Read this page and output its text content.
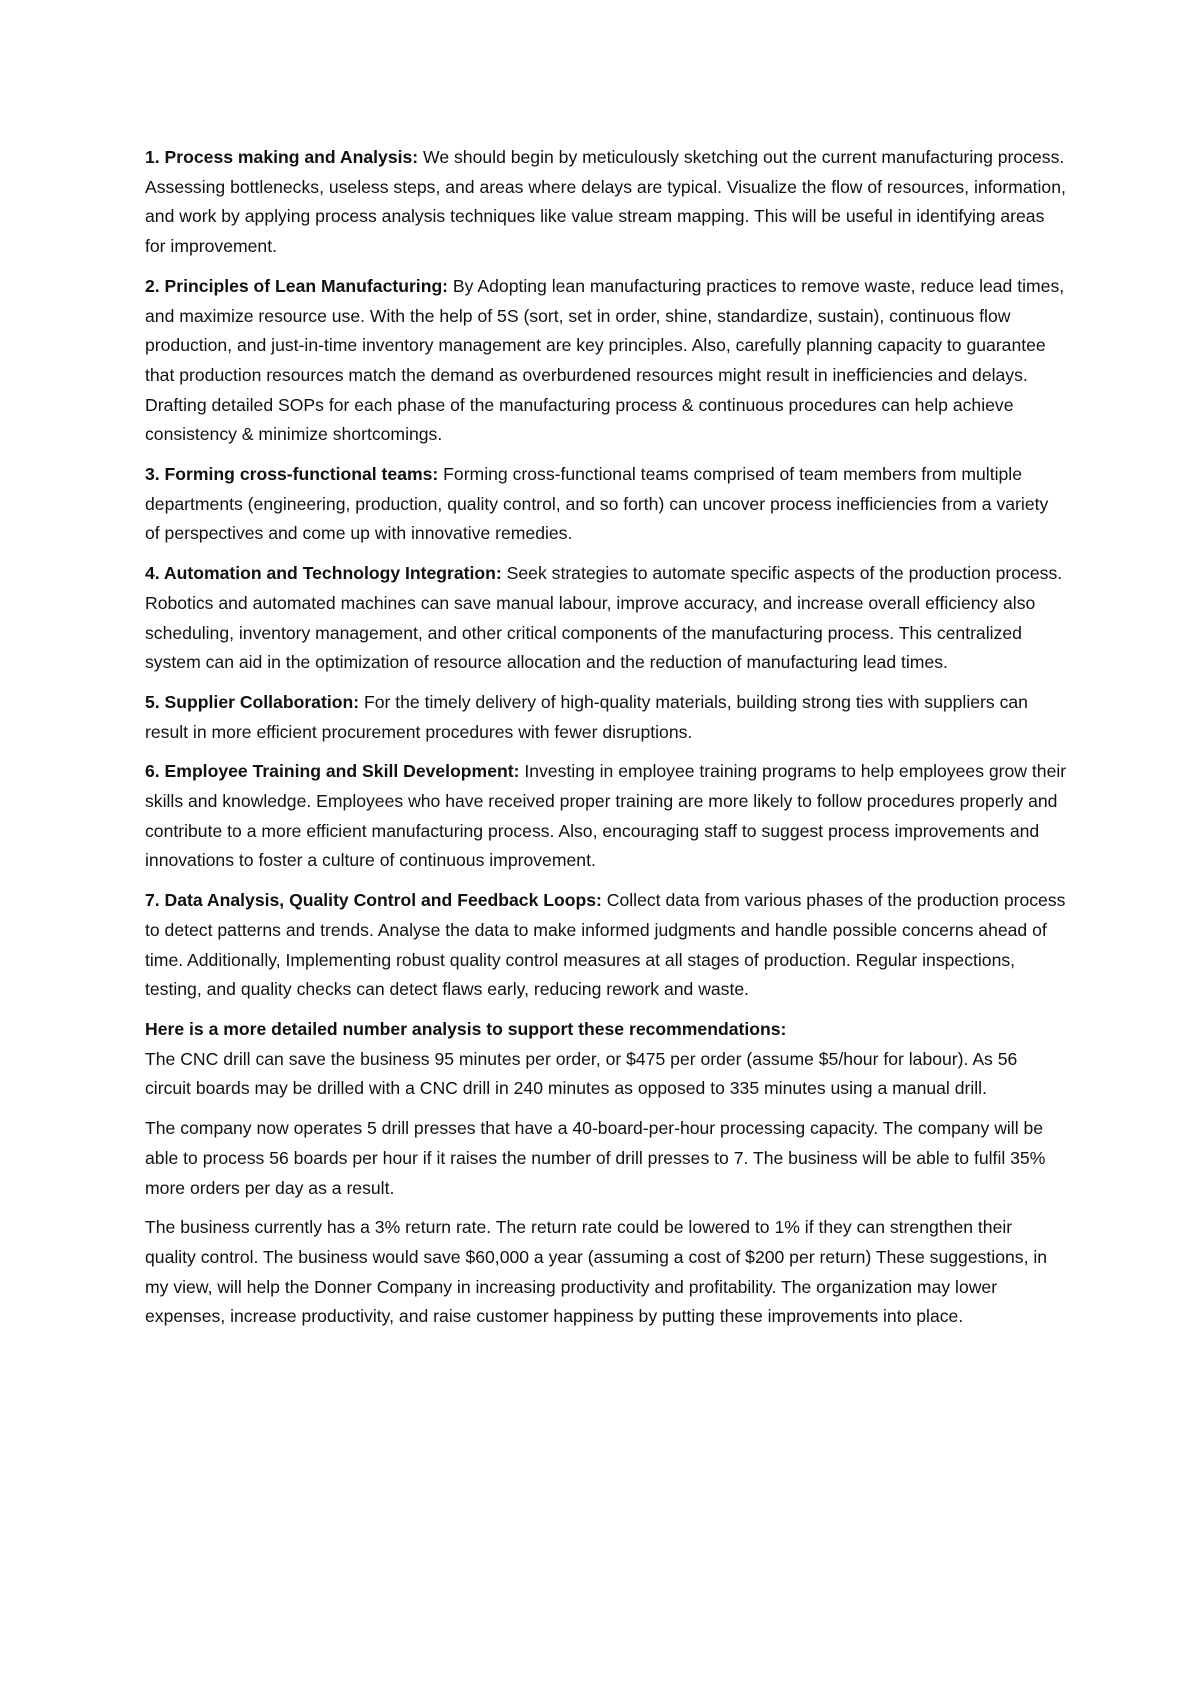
1. Process making and Analysis: We should begin by meticulously sketching out the current manufacturing process. Assessing bottlenecks, useless steps, and areas where delays are typical. Visualize the flow of resources, information, and work by applying process analysis techniques like value stream mapping. This will be useful in identifying areas for improvement.

2. Principles of Lean Manufacturing: By Adopting lean manufacturing practices to remove waste, reduce lead times, and maximize resource use. With the help of 5S (sort, set in order, shine, standardize, sustain), continuous flow production, and just-in-time inventory management are key principles. Also, carefully planning capacity to guarantee that production resources match the demand as overburdened resources might result in inefficiencies and delays. Drafting detailed SOPs for each phase of the manufacturing process & continuous procedures can help achieve consistency & minimize shortcomings.

3. Forming cross-functional teams: Forming cross-functional teams comprised of team members from multiple departments (engineering, production, quality control, and so forth) can uncover process inefficiencies from a variety of perspectives and come up with innovative remedies.

4. Automation and Technology Integration: Seek strategies to automate specific aspects of the production process. Robotics and automated machines can save manual labour, improve accuracy, and increase overall efficiency also scheduling, inventory management, and other critical components of the manufacturing process. This centralized system can aid in the optimization of resource allocation and the reduction of manufacturing lead times.

5. Supplier Collaboration: For the timely delivery of high-quality materials, building strong ties with suppliers can result in more efficient procurement procedures with fewer disruptions.

6. Employee Training and Skill Development: Investing in employee training programs to help employees grow their skills and knowledge. Employees who have received proper training are more likely to follow procedures properly and contribute to a more efficient manufacturing process. Also, encouraging staff to suggest process improvements and innovations to foster a culture of continuous improvement.

7. Data Analysis, Quality Control and Feedback Loops: Collect data from various phases of the production process to detect patterns and trends. Analyse the data to make informed judgments and handle possible concerns ahead of time. Additionally, Implementing robust quality control measures at all stages of production. Regular inspections, testing, and quality checks can detect flaws early, reducing rework and waste.

Here is a more detailed number analysis to support these recommendations:
The CNC drill can save the business 95 minutes per order, or $475 per order (assume $5/hour for labour). As 56 circuit boards may be drilled with a CNC drill in 240 minutes as opposed to 335 minutes using a manual drill.

The company now operates 5 drill presses that have a 40-board-per-hour processing capacity. The company will be able to process 56 boards per hour if it raises the number of drill presses to 7. The business will be able to fulfil 35% more orders per day as a result.

The business currently has a 3% return rate. The return rate could be lowered to 1% if they can strengthen their quality control. The business would save $60,000 a year (assuming a cost of $200 per return) These suggestions, in my view, will help the Donner Company in increasing productivity and profitability. The organization may lower expenses, increase productivity, and raise customer happiness by putting these improvements into place.
